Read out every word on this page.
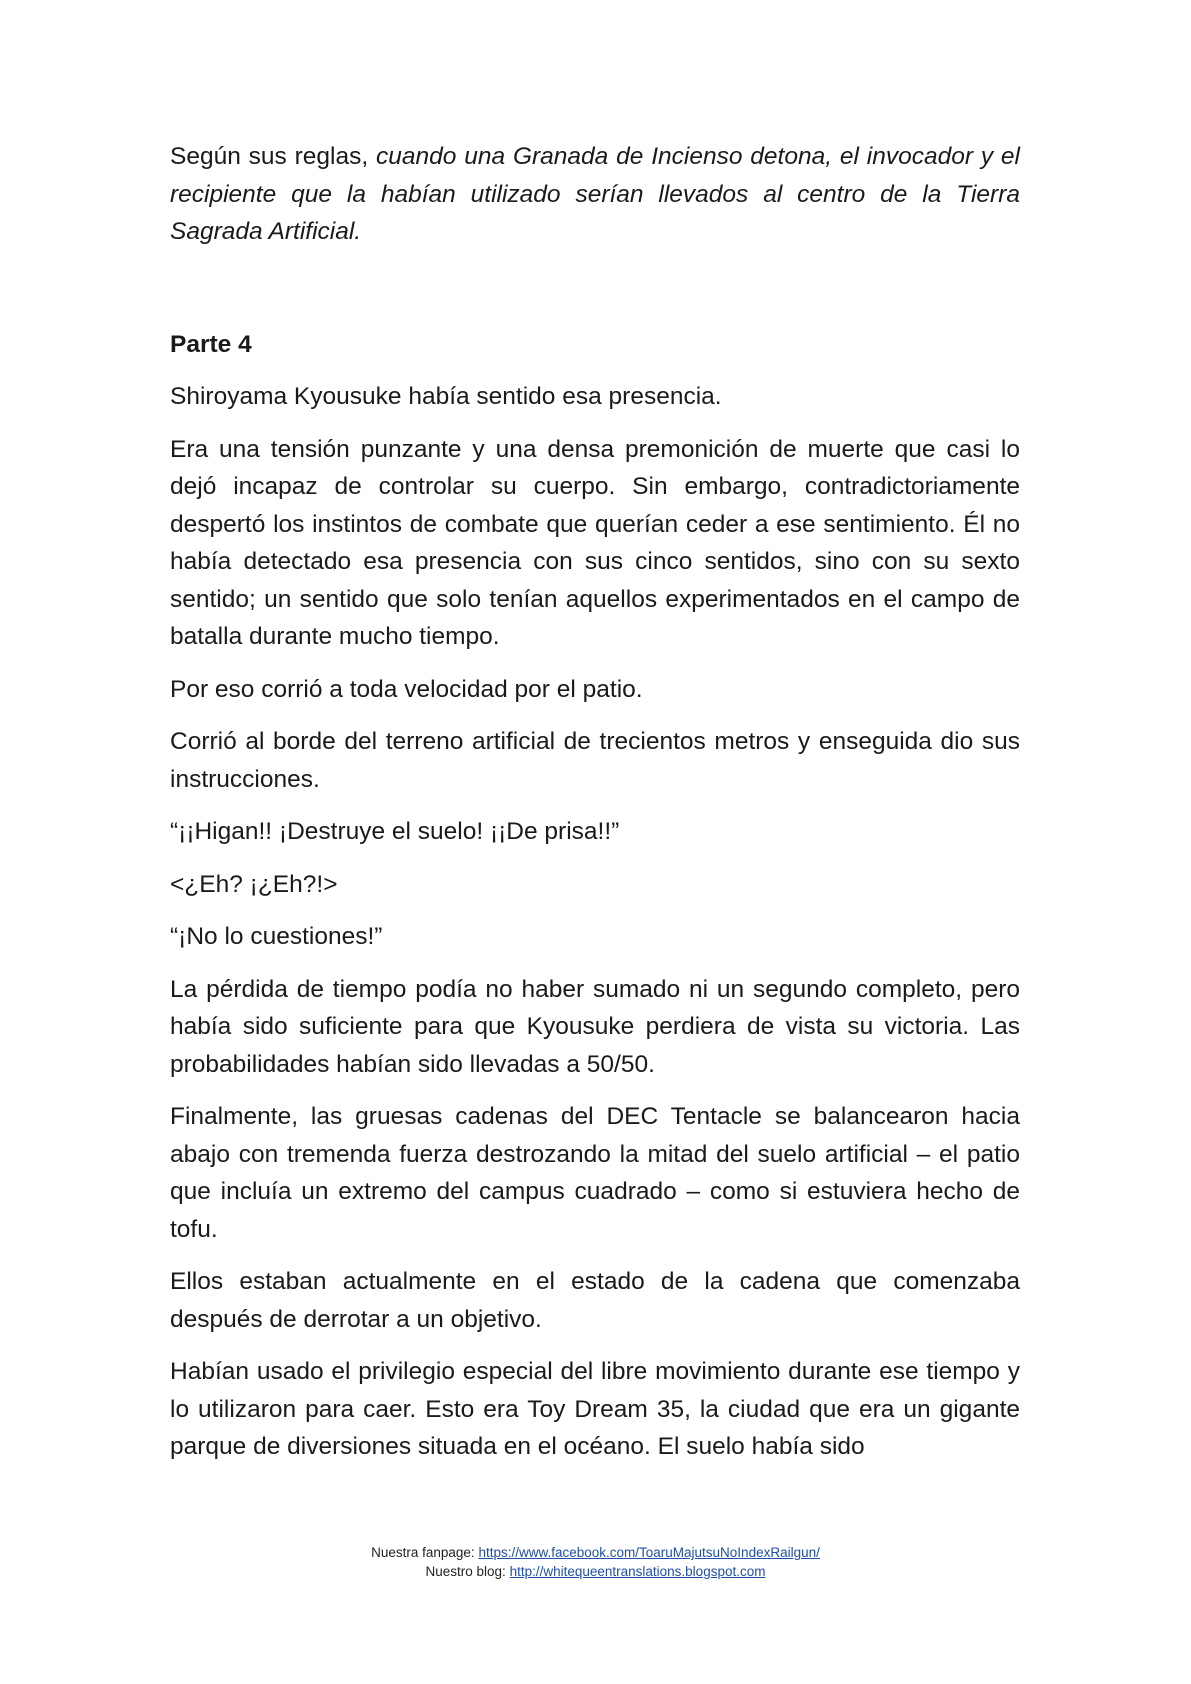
Según sus reglas, cuando una Granada de Incienso detona, el invocador y el recipiente que la habían utilizado serían llevados al centro de la Tierra Sagrada Artificial.

Parte 4

Shiroyama Kyousuke había sentido esa presencia.

Era una tensión punzante y una densa premonición de muerte que casi lo dejó incapaz de controlar su cuerpo. Sin embargo, contradictoriamente despertó los instintos de combate que querían ceder a ese sentimiento. Él no había detectado esa presencia con sus cinco sentidos, sino con su sexto sentido; un sentido que solo tenían aquellos experimentados en el campo de batalla durante mucho tiempo.

Por eso corrió a toda velocidad por el patio.

Corrió al borde del terreno artificial de trecientos metros y enseguida dio sus instrucciones.

“¡¡Higan!! ¡Destruye el suelo! ¡¡De prisa!!”

<¿Eh? ¡¿Eh?!>

“¡No lo cuestiones!”

La pérdida de tiempo podía no haber sumado ni un segundo completo, pero había sido suficiente para que Kyousuke perdiera de vista su victoria. Las probabilidades habían sido llevadas a 50/50.

Finalmente, las gruesas cadenas del DEC Tentacle se balancearon hacia abajo con tremenda fuerza destrozando la mitad del suelo artificial – el patio que incluía un extremo del campus cuadrado – como si estuviera hecho de tofu.

Ellos estaban actualmente en el estado de la cadena que comenzaba después de derrotar a un objetivo.

Habían usado el privilegio especial del libre movimiento durante ese tiempo y lo utilizaron para caer. Esto era Toy Dream 35, la ciudad que era un gigante parque de diversiones situada en el océano. El suelo había sido

Nuestra fanpage: https://www.facebook.com/ToaruMajutsuNoIndexRailgun/
Nuestro blog: http://whitequeentranslations.blogspot.com
